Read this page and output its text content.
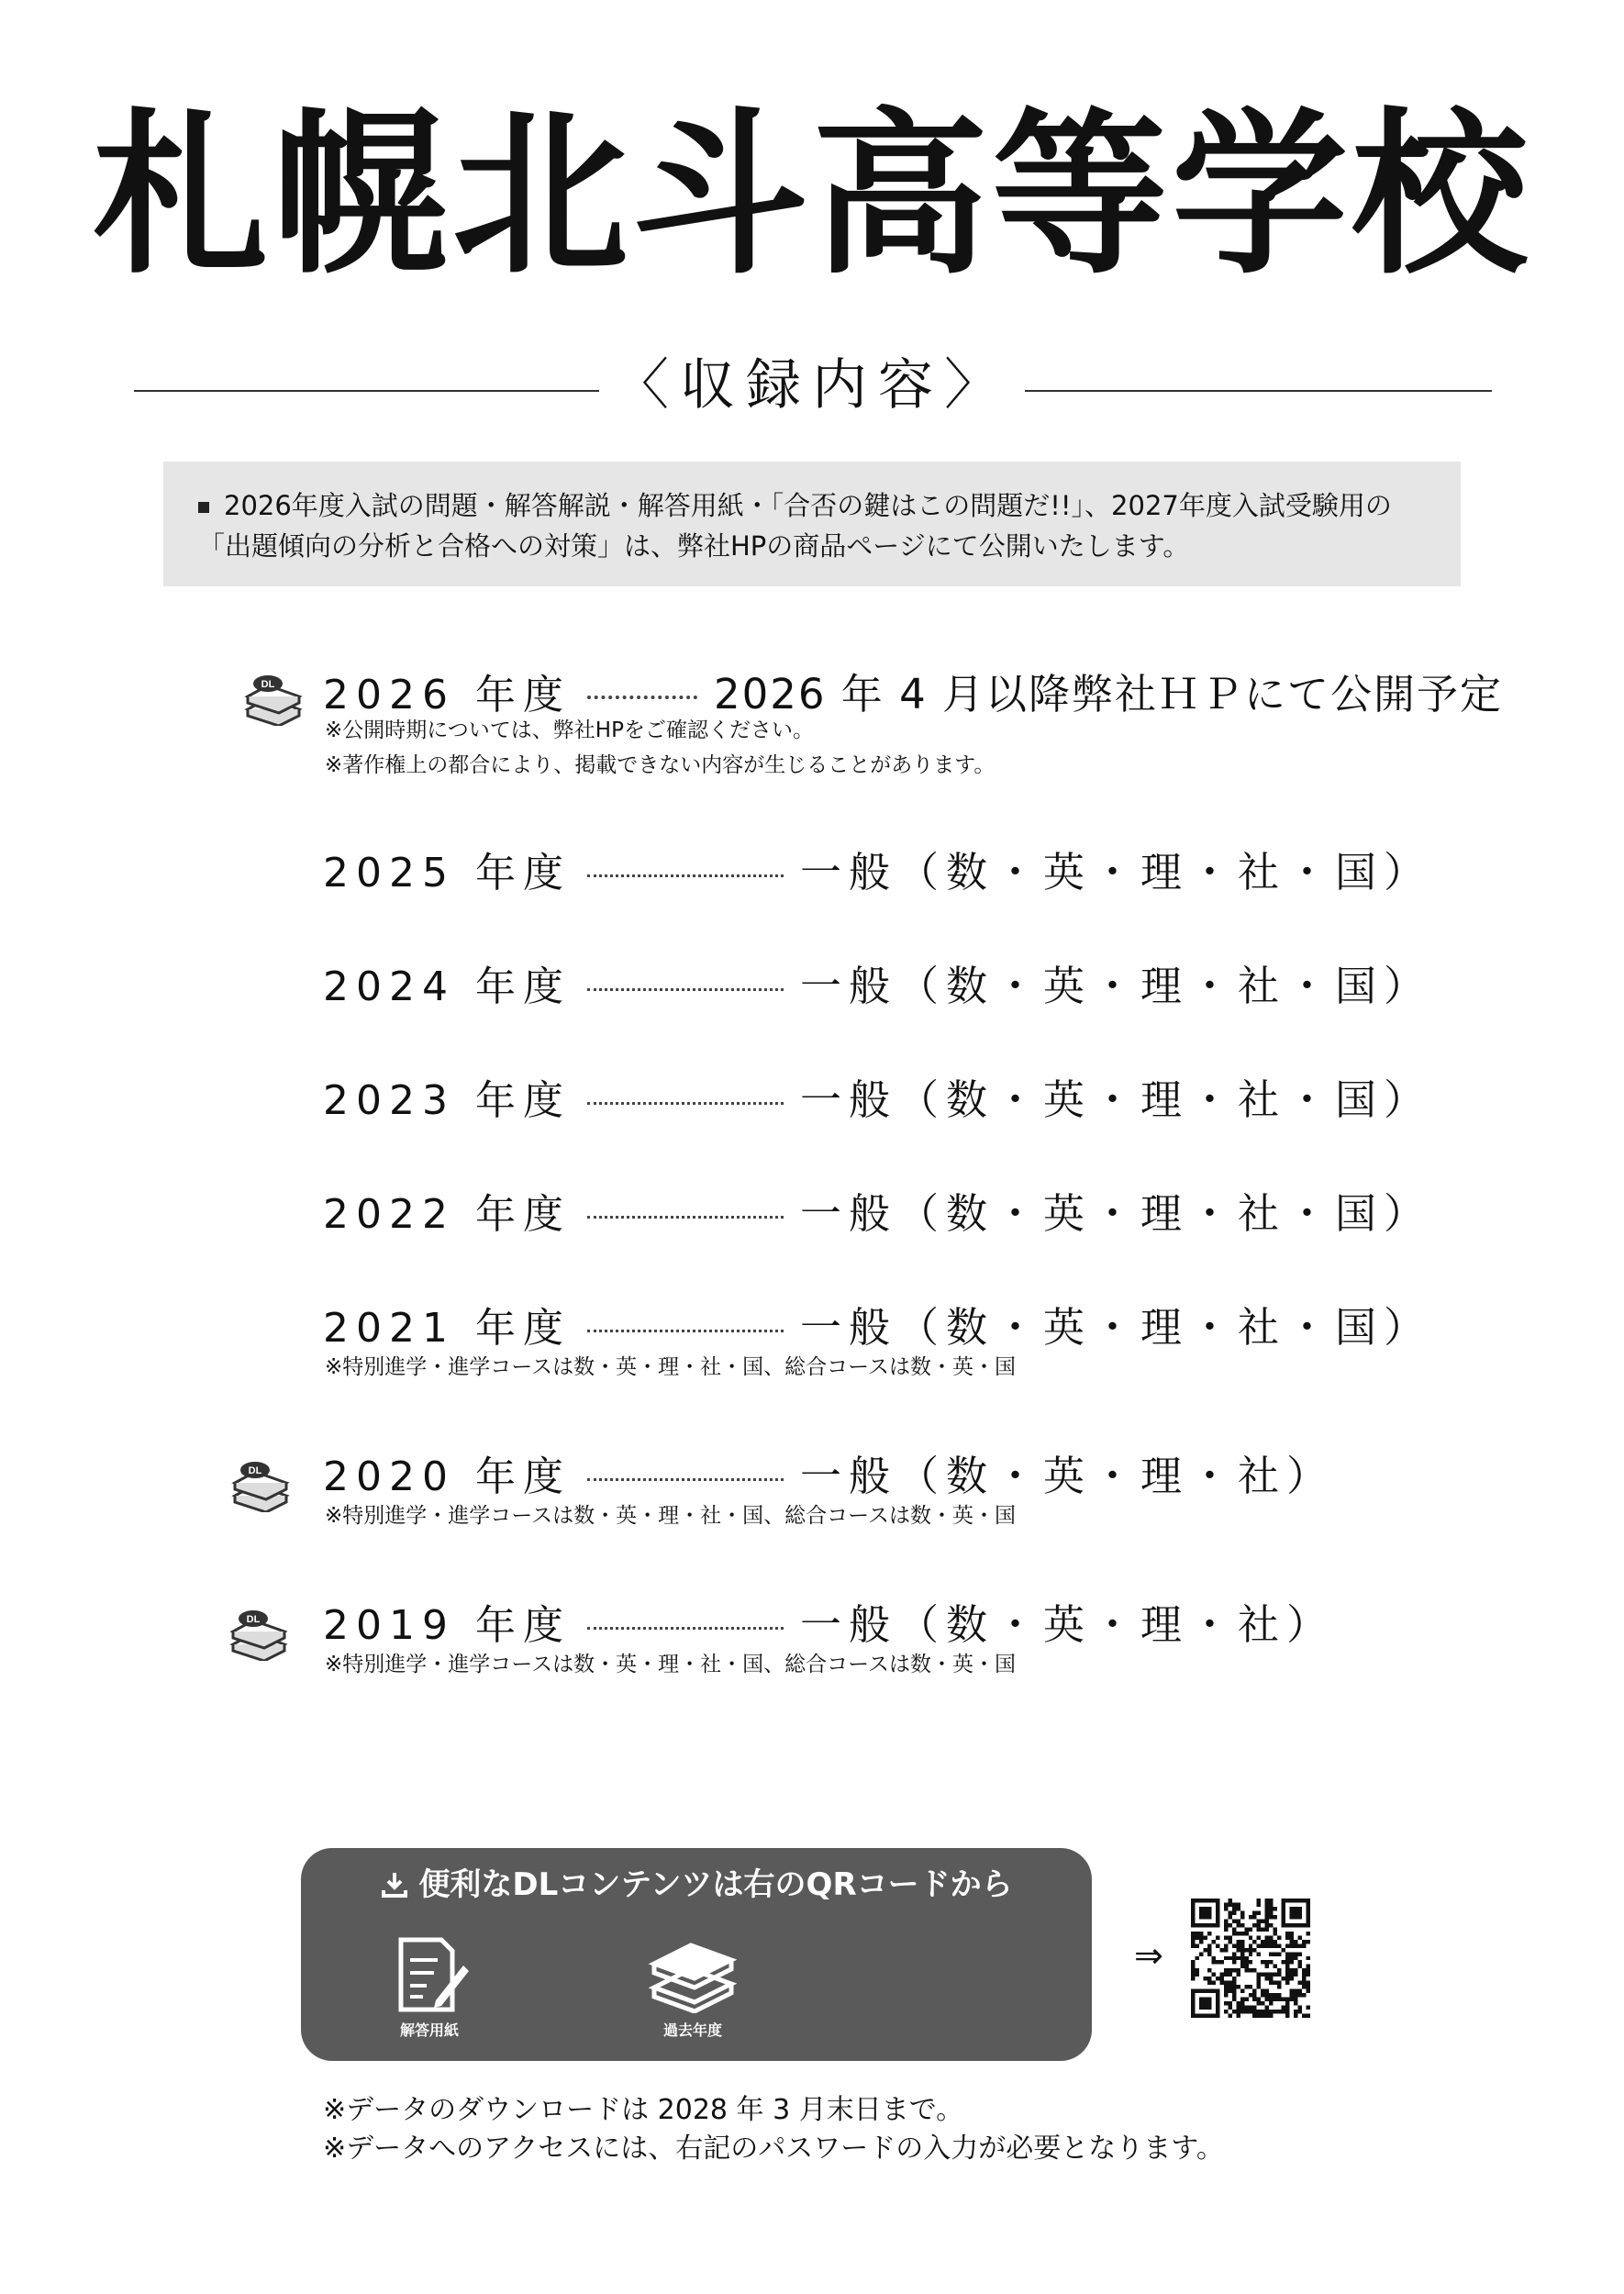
札幌北斗高等学校
〈収録内容〉
2026年度入試の問題・解答解説・解答用紙・「合否の鍵はこの問題だ!!」、2027年度入試受験用の
「出題傾向の分析と合格への対策」は、弊社HPの商品ページにて公開いたします。
DL 2026 年度	2026 年 4 月以降弊社ＨＰにて公開予定
※公開時期については、弊社HPをご確認ください。
※著作権上の都合により、掲載できない内容が生じることがあります。
2025 年度	一般（数・英・理・社・国）
2024 年度	一般（数・英・理・社・国）
2023 年度	一般（数・英・理・社・国）
2022 年度	一般（数・英・理・社・国）
2021 年度	一般（数・英・理・社・国）
※特別進学・進学コースは数・英・理・社・国、総合コースは数・英・国
DL 2020 年度	一般（数・英・理・社）
※特別進学・進学コースは数・英・理・社・国、総合コースは数・英・国
DL 2019 年度	一般（数・英・理・社）
※特別進学・進学コースは数・英・理・社・国、総合コースは数・英・国
便利なDLコンテンツは右のQRコードから
解答用紙	過去年度
⇒
※データのダウンロードは 2028 年 3 月末日まで。
※データへのアクセスには、右記のパスワードの入力が必要となります。
